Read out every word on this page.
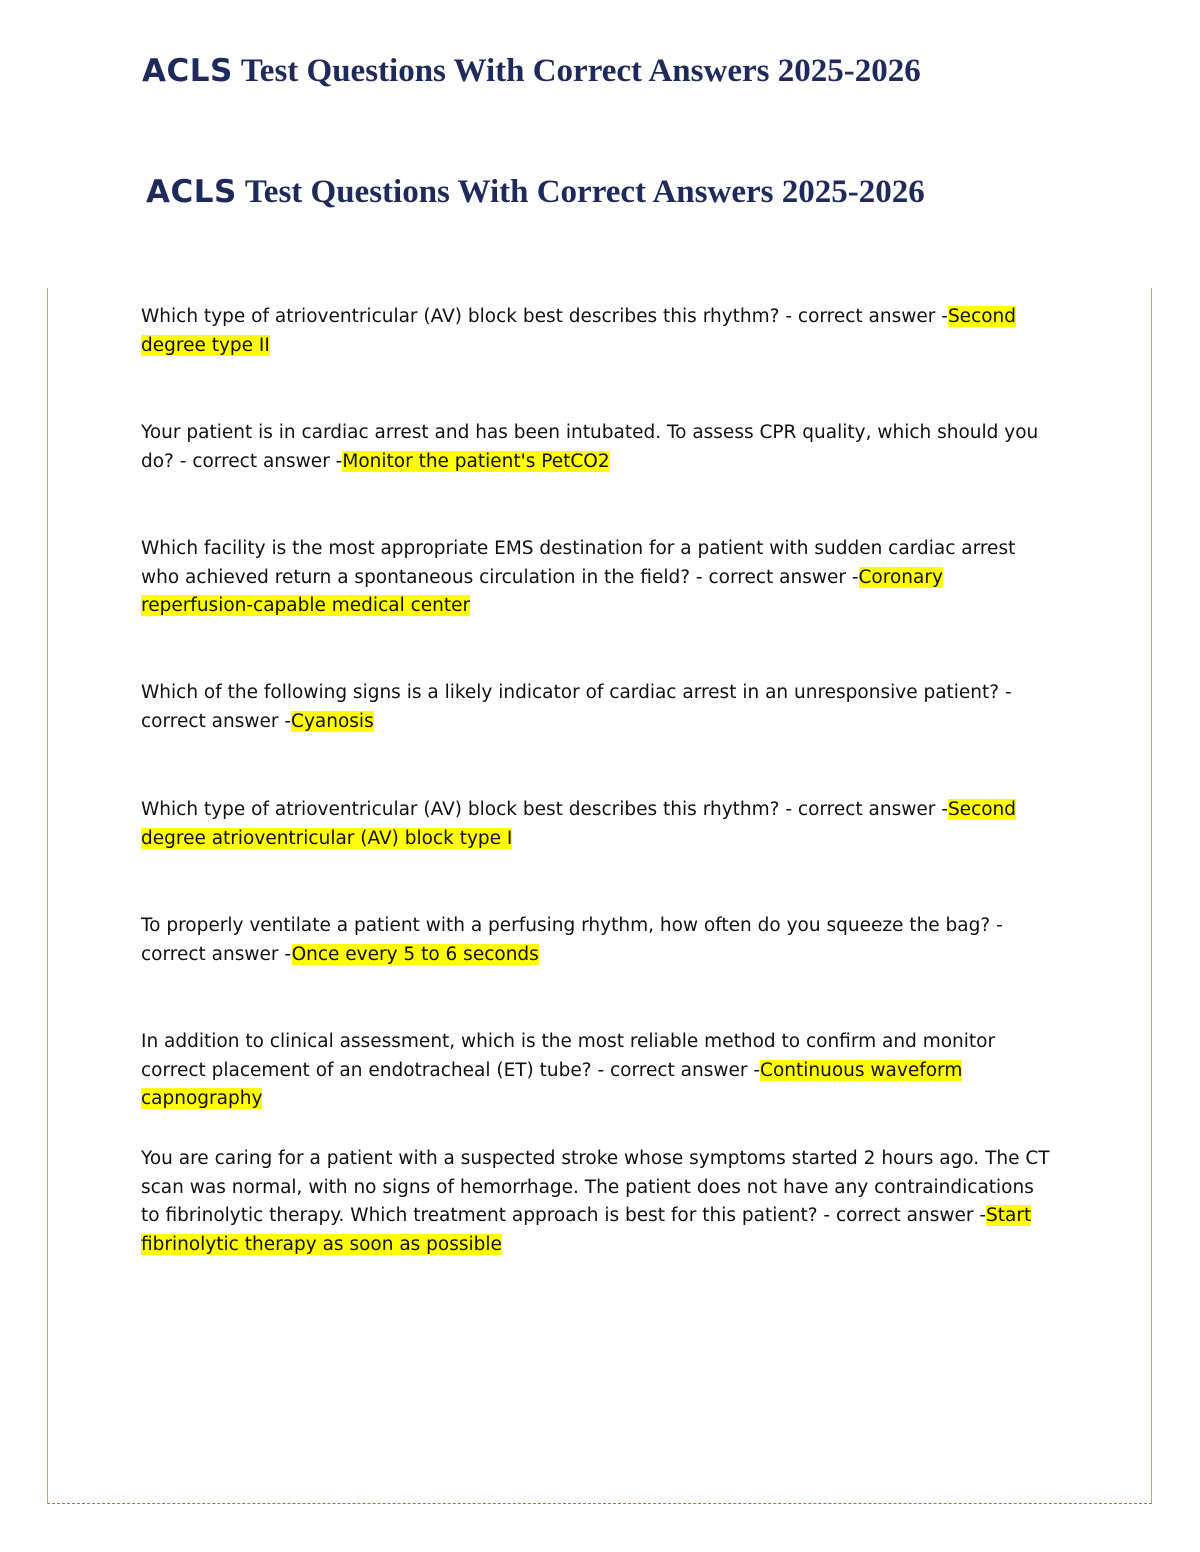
ACLS Test Questions With Correct Answers 2025-2026
ACLS Test Questions With Correct Answers 2025-2026

Which type of atrioventricular (AV) block best describes this rhythm? - correct answer -Second degree type II

Your patient is in cardiac arrest and has been intubated. To assess CPR quality, which should you do? - correct answer -Monitor the patient's PetCO2

Which facility is the most appropriate EMS destination for a patient with sudden cardiac arrest who achieved return a spontaneous circulation in the field? - correct answer -Coronary reperfusion-capable medical center

Which of the following signs is a likely indicator of cardiac arrest in an unresponsive patient? - correct answer -Cyanosis

Which type of atrioventricular (AV) block best describes this rhythm? - correct answer -Second degree atrioventricular (AV) block type I

To properly ventilate a patient with a perfusing rhythm, how often do you squeeze the bag? - correct answer -Once every 5 to 6 seconds

In addition to clinical assessment, which is the most reliable method to confirm and monitor correct placement of an endotracheal (ET) tube? - correct answer -Continuous waveform capnography

You are caring for a patient with a suspected stroke whose symptoms started 2 hours ago. The CT scan was normal, with no signs of hemorrhage. The patient does not have any contraindications to fibrinolytic therapy. Which treatment approach is best for this patient? - correct answer -Start fibrinolytic therapy as soon as possible
